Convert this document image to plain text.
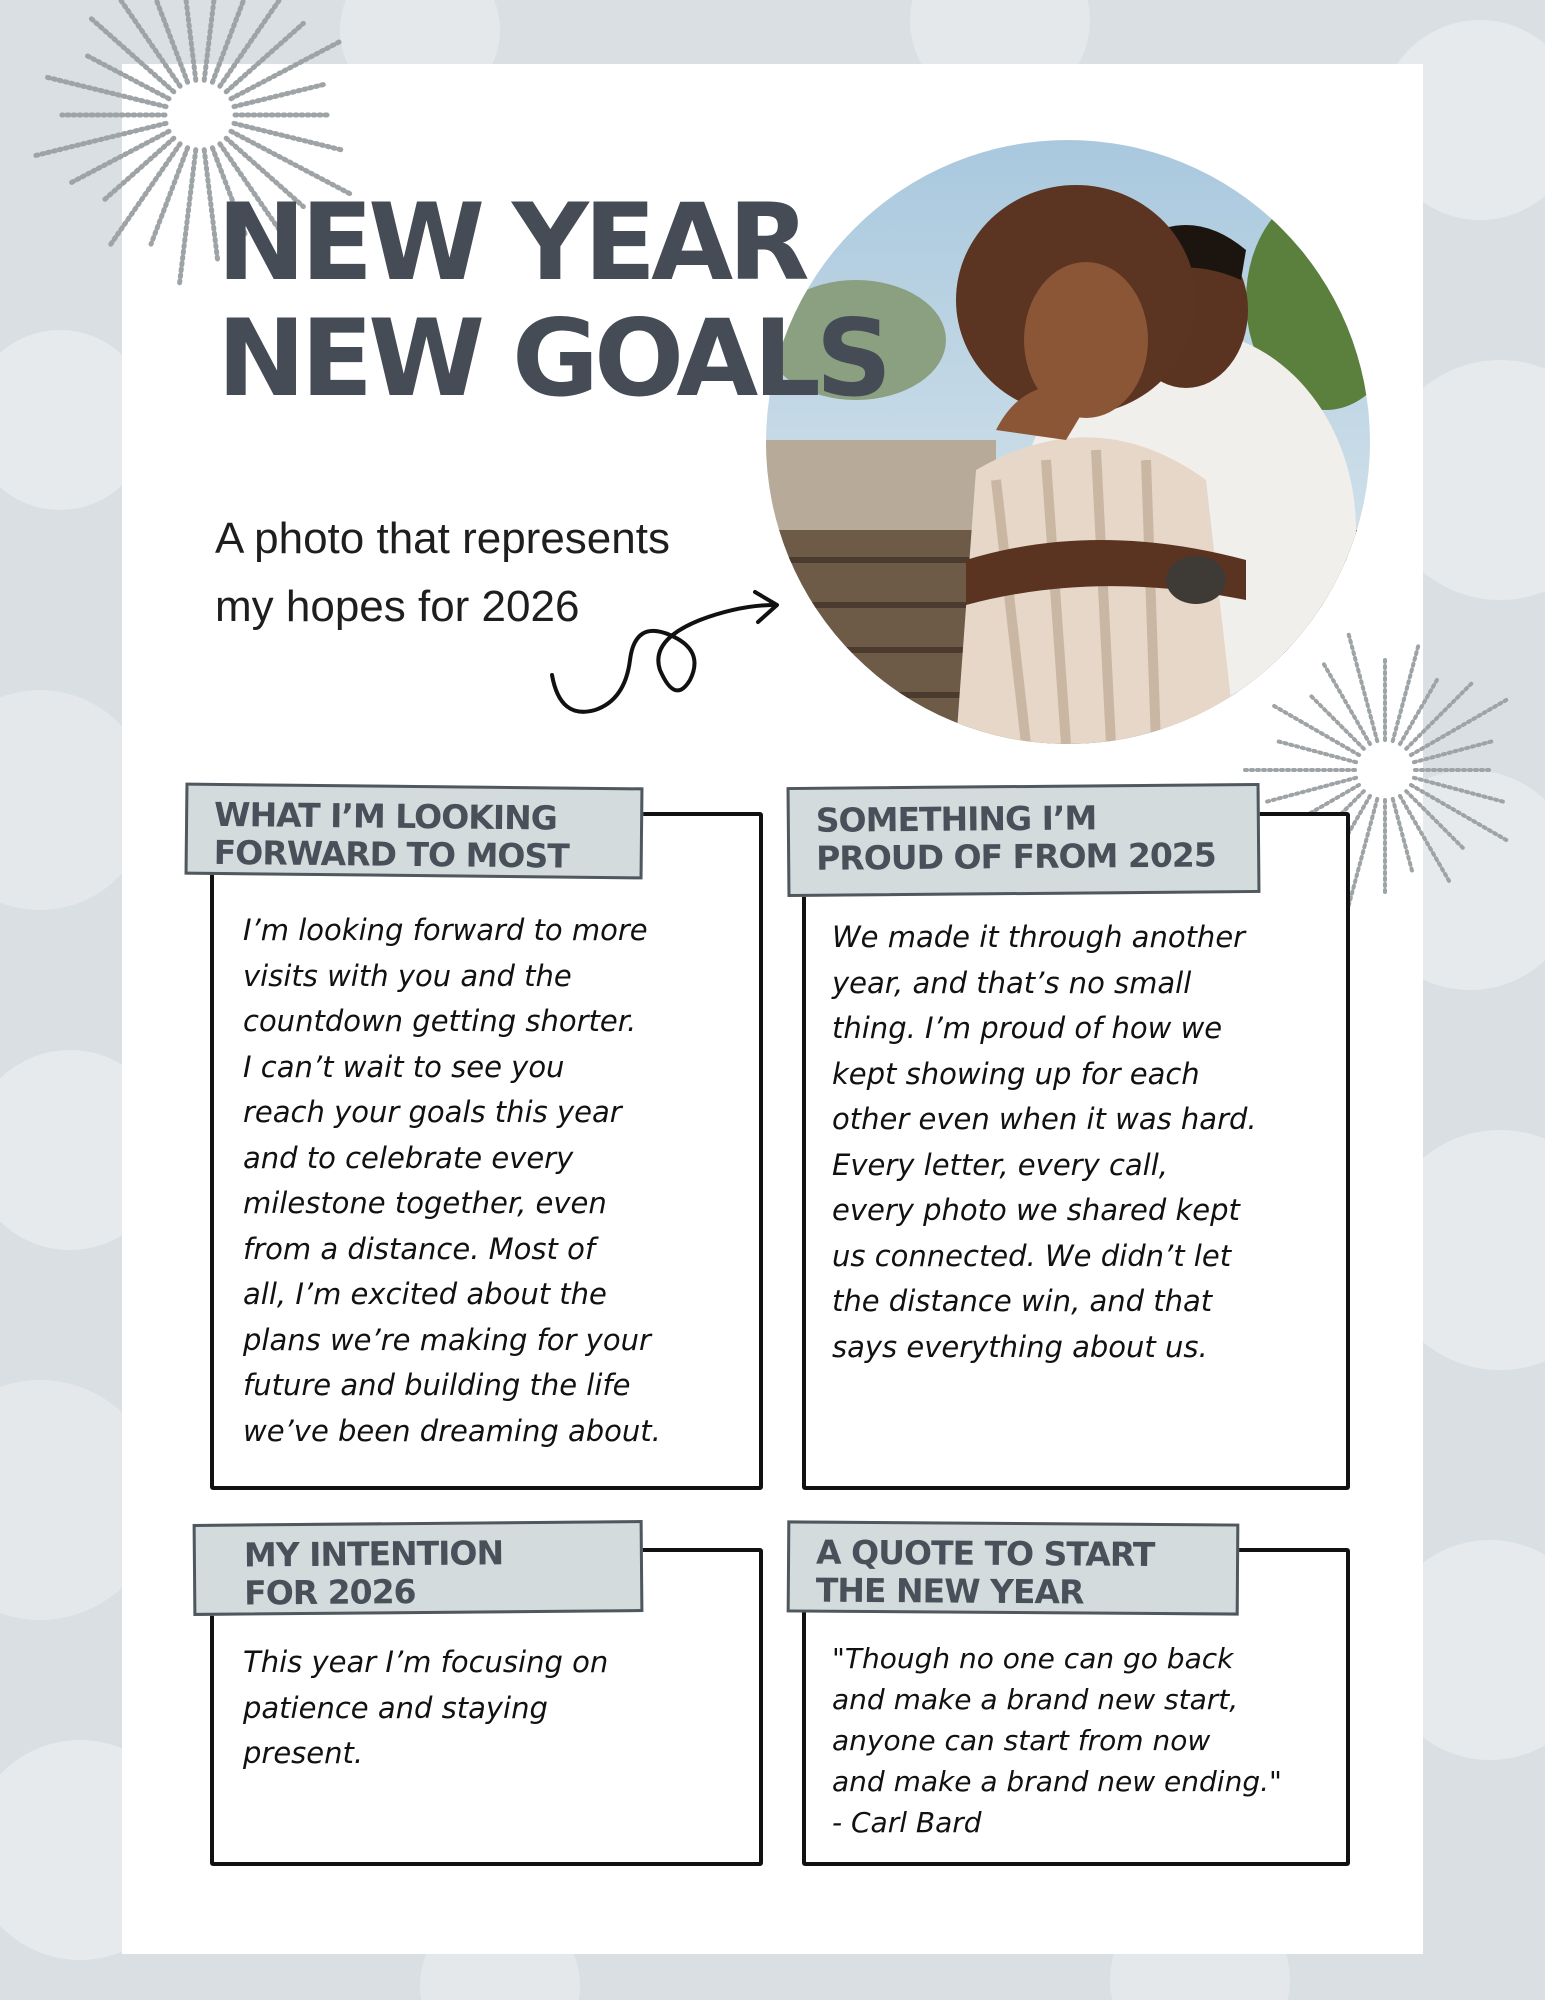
NEW YEAR
NEW GOALS

A photo that represents
my hopes for 2026

WHAT I’M LOOKING
FORWARD TO MOST

I’m looking forward to more
visits with you and the
countdown getting shorter.
I can’t wait to see you
reach your goals this year
and to celebrate every
milestone together, even
from a distance. Most of
all, I’m excited about the
plans we’re making for your
future and building the life
we’ve been dreaming about.

SOMETHING I’M
PROUD OF FROM 2025

We made it through another
year, and that’s no small
thing. I’m proud of how we
kept showing up for each
other even when it was hard.
Every letter, every call,
every photo we shared kept
us connected. We didn’t let
the distance win, and that
says everything about us.

MY INTENTION
FOR 2026

This year I’m focusing on
patience and staying
present.

A QUOTE TO START
THE NEW YEAR

"Though no one can go back
and make a brand new start,
anyone can start from now
and make a brand new ending."
- Carl Bard
